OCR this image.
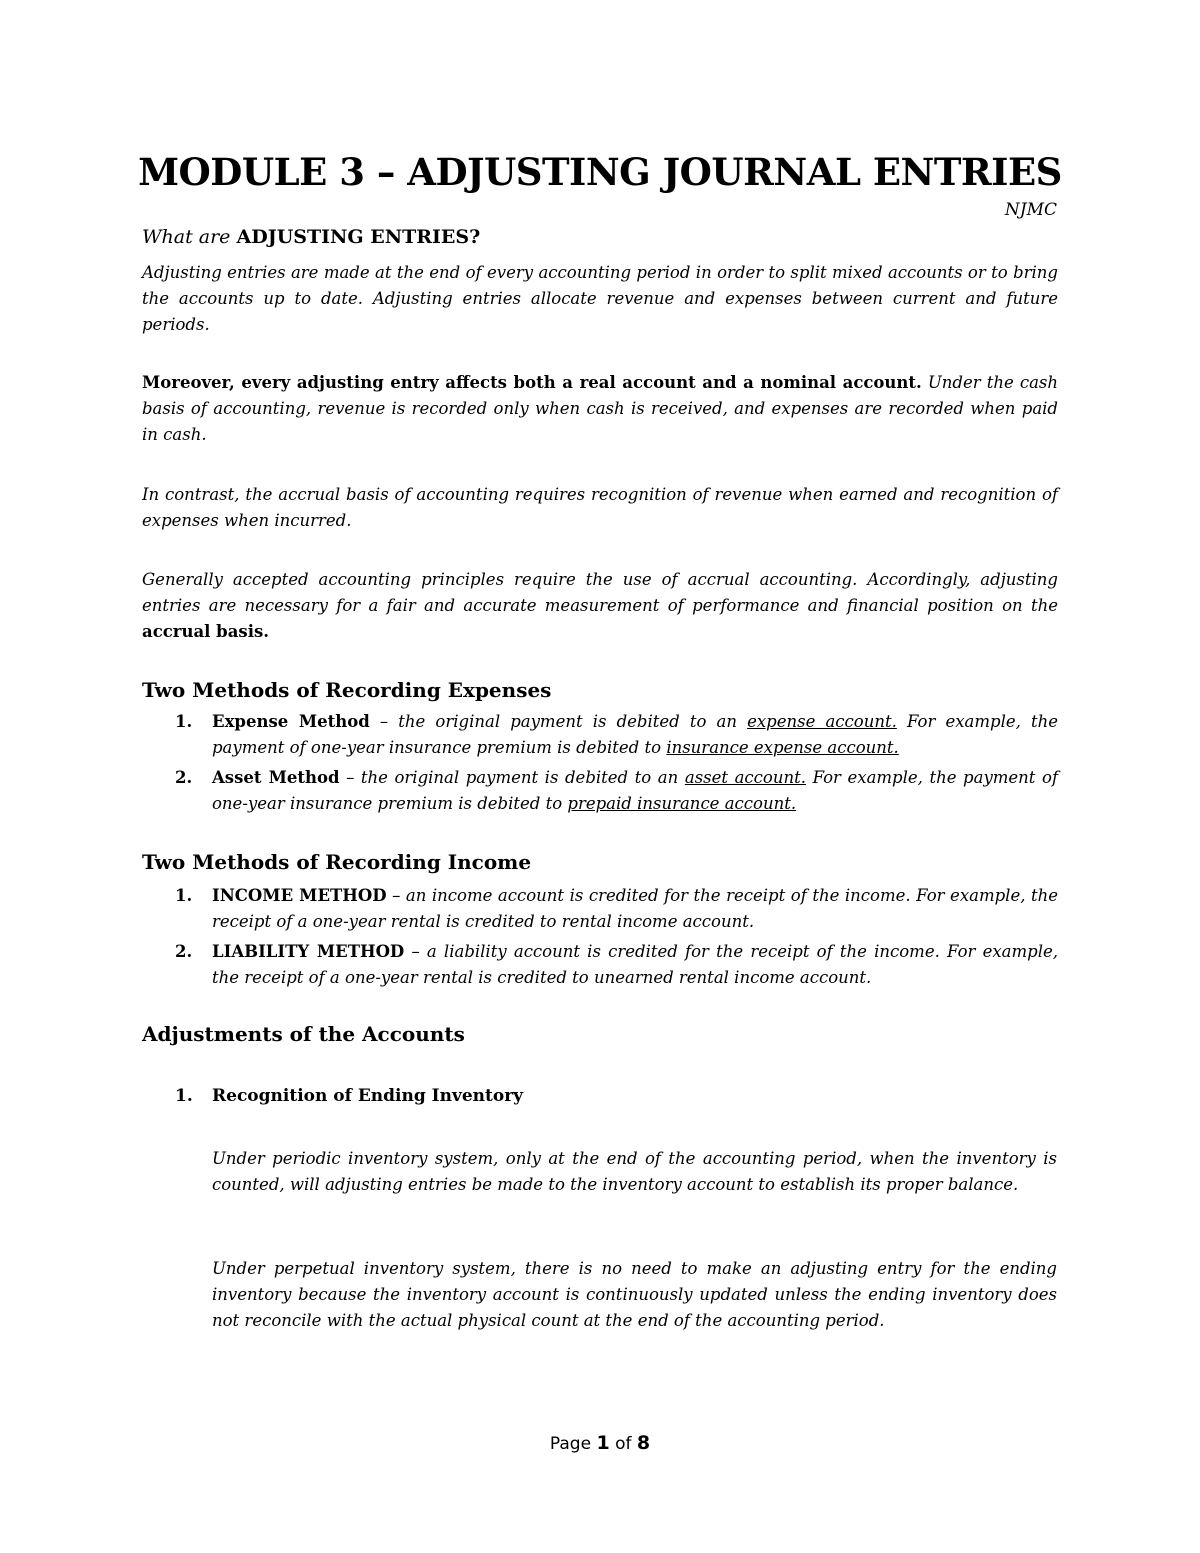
MODULE 3 – ADJUSTING JOURNAL ENTRIES
NJMC
What are ADJUSTING ENTRIES?

Adjusting entries are made at the end of every accounting period in order to split mixed accounts or to bring the accounts up to date. Adjusting entries allocate revenue and expenses between current and future periods.

Moreover, every adjusting entry affects both a real account and a nominal account. Under the cash basis of accounting, revenue is recorded only when cash is received, and expenses are recorded when paid in cash.

In contrast, the accrual basis of accounting requires recognition of revenue when earned and recognition of expenses when incurred.

Generally accepted accounting principles require the use of accrual accounting. Accordingly, adjusting entries are necessary for a fair and accurate measurement of performance and financial position on the accrual basis.

Two Methods of Recording Expenses
1. Expense Method – the original payment is debited to an expense account. For example, the payment of one-year insurance premium is debited to insurance expense account.
2. Asset Method – the original payment is debited to an asset account. For example, the payment of one-year insurance premium is debited to prepaid insurance account.
Two Methods of Recording Income
1. INCOME METHOD – an income account is credited for the receipt of the income. For example, the receipt of a one-year rental is credited to rental income account.
2. LIABILITY METHOD – a liability account is credited for the receipt of the income. For example, the receipt of a one-year rental is credited to unearned rental income account.
Adjustments of the Accounts
1. Recognition of Ending Inventory

Under periodic inventory system, only at the end of the accounting period, when the inventory is counted, will adjusting entries be made to the inventory account to establish its proper balance.

Under perpetual inventory system, there is no need to make an adjusting entry for the ending inventory because the inventory account is continuously updated unless the ending inventory does not reconcile with the actual physical count at the end of the accounting period.

Page 1 of 8
